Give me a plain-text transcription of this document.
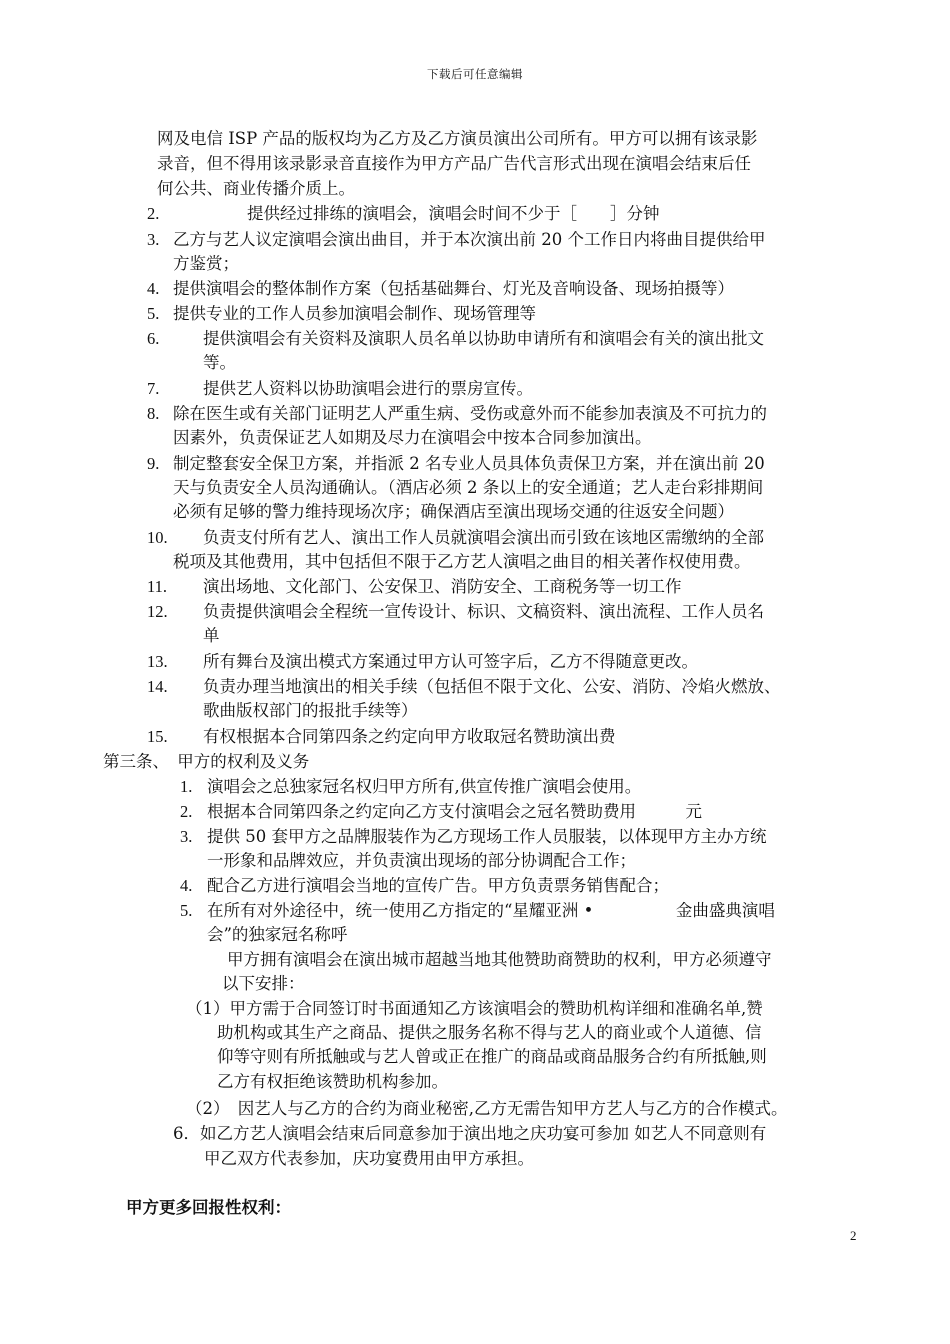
下载后可任意编辑
网及电信 ISP 产品的版权均为乙方及乙方演员演出公司所有。甲方可以拥有该录影
录音，但不得用该录影录音直接作为甲方产品广告代言形式出现在演唱会结束后任
何公共、商业传播介质上。
2.	提供经过排练的演唱会，演唱会时间不少于［　　］分钟
3. 乙方与艺人议定演唱会演出曲目，并于本次演出前 20 个工作日内将曲目提供给甲
方鉴赏；
4. 提供演唱会的整体制作方案（包括基础舞台、灯光及音响设备、现场拍摄等）
5. 提供专业的工作人员参加演唱会制作、现场管理等
6.	提供演唱会有关资料及演职人员名单以协助申请所有和演唱会有关的演出批文
等。
7.	提供艺人资料以协助演唱会进行的票房宣传。
8. 除在医生或有关部门证明艺人严重生病、受伤或意外而不能参加表演及不可抗力的
因素外，负责保证艺人如期及尽力在演唱会中按本合同参加演出。
9. 制定整套安全保卫方案，并指派 2 名专业人员具体负责保卫方案，并在演出前 20
天与负责安全人员沟通确认。（酒店必须 2 条以上的安全通道；艺人走台彩排期间
必须有足够的警力维持现场次序；确保酒店至演出现场交通的往返安全问题）
10. 负责支付所有艺人、演出工作人员就演唱会演出而引致在该地区需缴纳的全部
税项及其他费用，其中包括但不限于乙方艺人演唱之曲目的相关著作权使用费。
11. 演出场地、文化部门、公安保卫、消防安全、工商税务等一切工作
12. 负责提供演唱会全程统一宣传设计、标识、文稿资料、演出流程、工作人员名
单
13. 所有舞台及演出模式方案通过甲方认可签字后，乙方不得随意更改。
14. 负责办理当地演出的相关手续（包括但不限于文化、公安、消防、冷焰火燃放、
歌曲版权部门的报批手续等）
15. 有权根据本合同第四条之约定向甲方收取冠名赞助演出费
第三条、　甲方的权利及义务
1. 演唱会之总独家冠名权归甲方所有,供宣传推广演唱会使用。
2. 根据本合同第四条之约定向乙方支付演唱会之冠名赞助费用　　　元
3. 提供 50 套甲方之品牌服装作为乙方现场工作人员服装，以体现甲方主办方统
一形象和品牌效应，并负责演出现场的部分协调配合工作；
4. 配合乙方进行演唱会当地的宣传广告。甲方负责票务销售配合；
5. 在所有对外途径中，统一使用乙方指定的“星耀亚洲 •　　　　　金曲盛典演唱
会”的独家冠名称呼
甲方拥有演唱会在演出城市超越当地其他赞助商赞助的权利，甲方必须遵守
以下安排：
（1）甲方需于合同签订时书面通知乙方该演唱会的赞助机构详细和准确名单,赞
助机构或其生产之商品、提供之服务名称不得与艺人的商业或个人道德、信
仰等守则有所抵触或与艺人曾或正在推广的商品或商品服务合约有所抵触,则
乙方有权拒绝该赞助机构参加。
（2）　因艺人与乙方的合约为商业秘密,乙方无需告知甲方艺人与乙方的合作模式。
6．如乙方艺人演唱会结束后同意参加于演出地之庆功宴可参加 如艺人不同意则有
甲乙双方代表参加，庆功宴费用由甲方承担。
甲方更多回报性权利：
2
